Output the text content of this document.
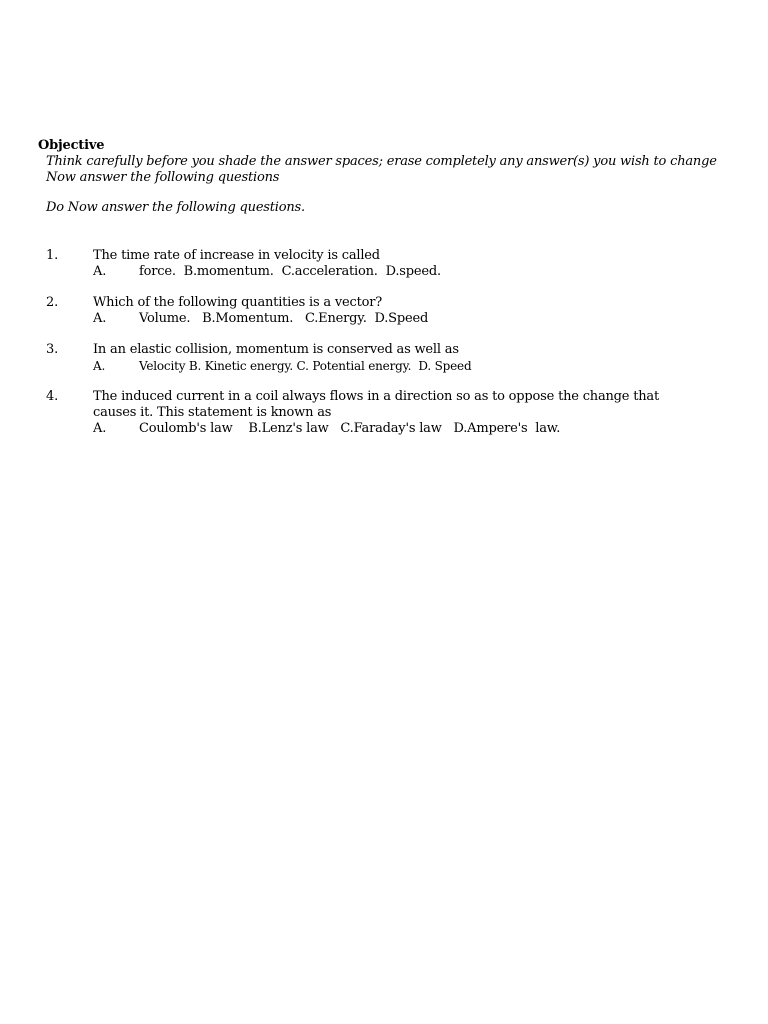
Objective
Think carefully before you shade the answer spaces; erase completely any answer(s) you wish to change Now answer the following questions
Do Now answer the following questions.
1.	The time rate of increase in velocity is called
A.	force.  B.momentum.  C.acceleration.  D.speed.
2.	Which of the following quantities is a vector?
A.	Volume.   B.Momentum.   C.Energy.  D.Speed
3.	In an elastic collision, momentum is conserved as well as
A.	Velocity B. Kinetic energy. C. Potential energy.  D. Speed
4.	The induced current in a coil always flows in a direction so as to oppose the change that causes it. This statement is known as
A.	Coulomb's law    B.Lenz's law   C.Faraday's law   D.Ampere's  law.
